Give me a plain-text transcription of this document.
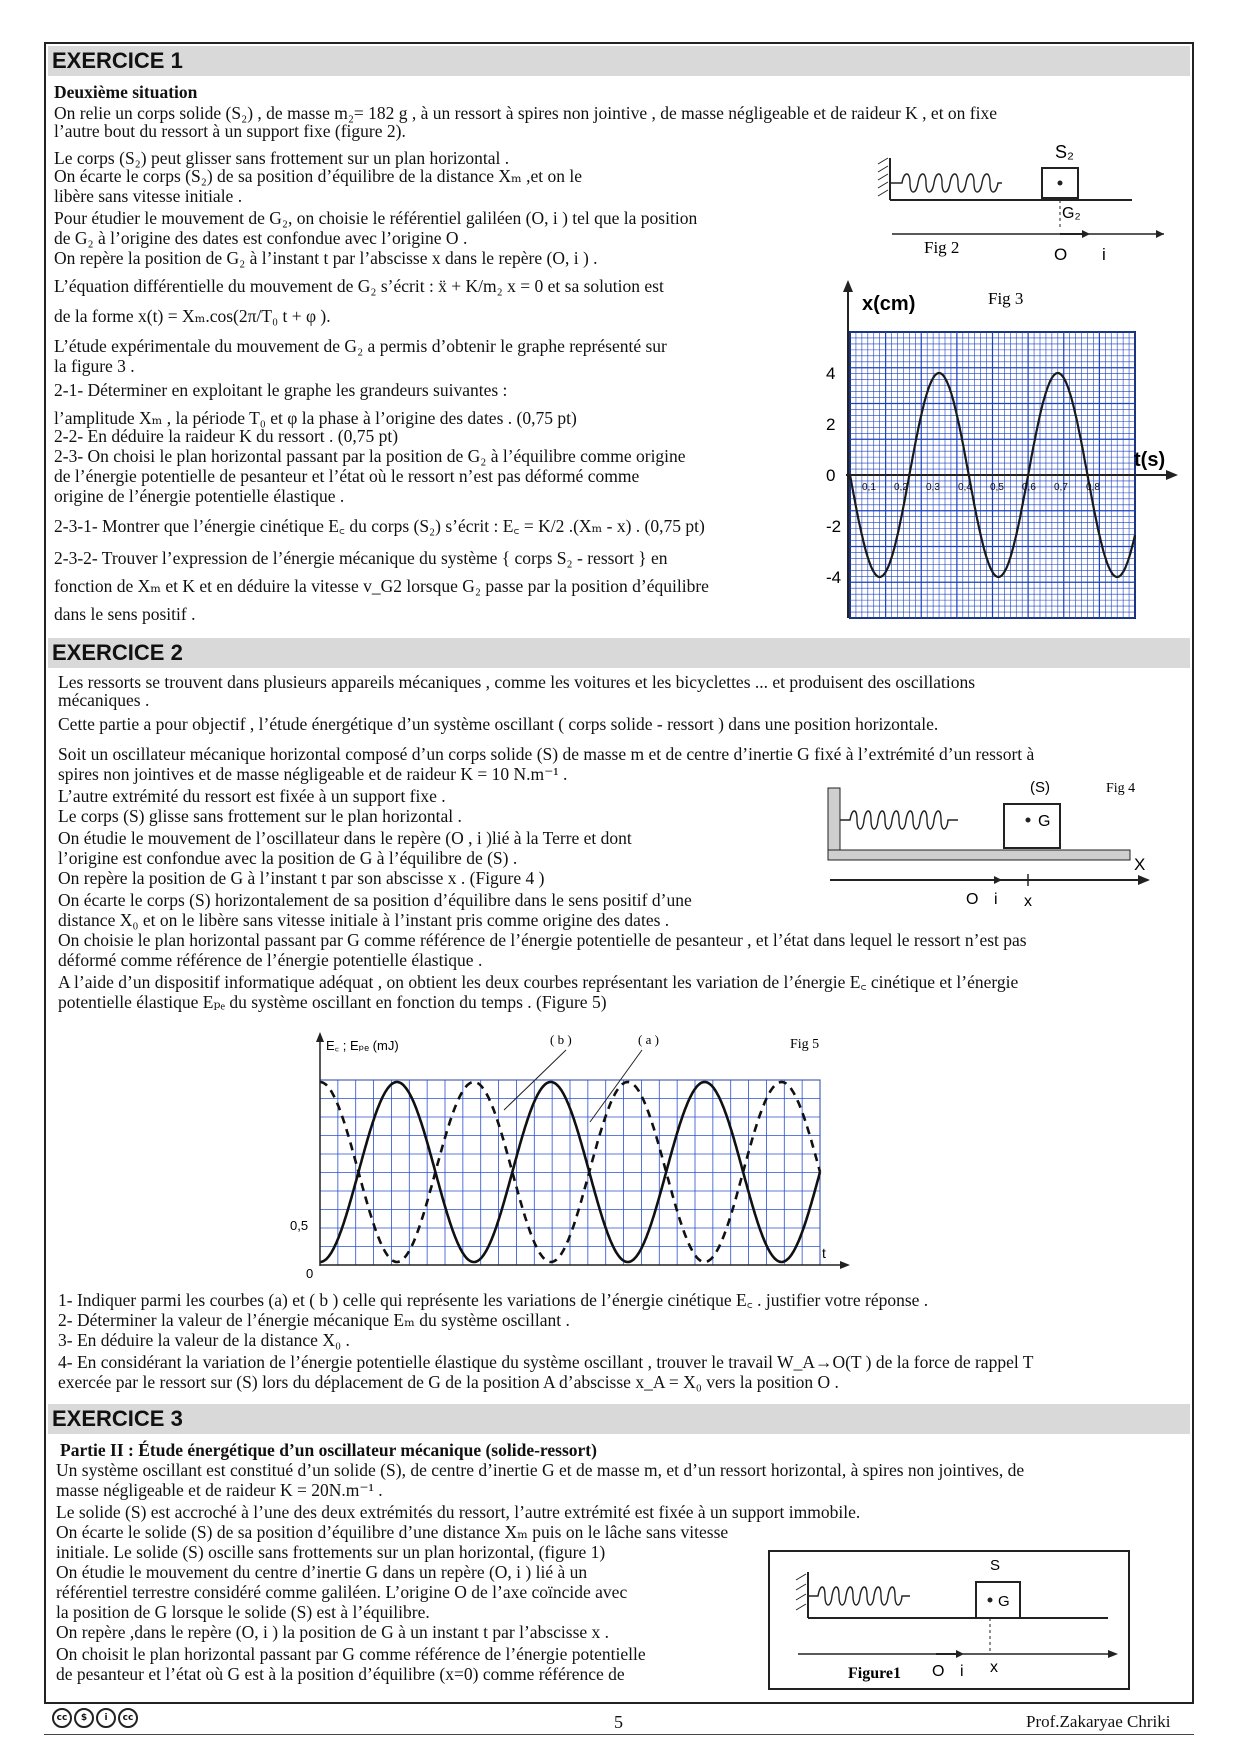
EXERCICE 1
Deuxième situation
On relie un corps solide (S₂) , de masse m₂= 182 g , à un ressort à spires non jointive , de masse négligeable et de raideur K , et on fixe
l’autre bout du ressort à un support fixe (figure 2).
Le corps (S₂) peut glisser sans frottement sur un plan horizontal .
On écarte le corps (S₂) de sa position d’équilibre de la distance Xₘ ,et on le
libère sans vitesse initiale .
Pour étudier le mouvement de G₂, on choisie le référentiel galiléen (O, i ) tel que la position
de G₂ à l’origine des dates est confondue avec l’origine O .
On repère la position de G₂ à l’instant t par l’abscisse x dans le repère (O, i ) .
L’équation différentielle du mouvement de G₂ s’écrit : ẍ + K/m₂ x = 0 et sa solution est
de la forme x(t) = Xₘ.cos(2π/T₀ t + φ ).
L’étude expérimentale du mouvement de G₂ a permis d’obtenir le graphe représenté sur
la figure 3 .
2-1- Déterminer en exploitant le graphe les grandeurs suivantes :
l’amplitude Xₘ , la période T₀ et φ la phase à l’origine des dates . (0,75 pt)
2-2- En déduire la raideur K du ressort . (0,75 pt)
2-3- On choisi le plan horizontal passant par la position de G₂ à l’équilibre comme origine
de l’énergie potentielle de pesanteur et l’état où le ressort n’est pas déformé comme
origine de l’énergie potentielle élastique .
2-3-1- Montrer que l’énergie cinétique E꜀ du corps (S₂) s’écrit : E꜀ = K/2 .(Xₘ - x) . (0,75 pt)
2-3-2- Trouver l’expression de l’énergie mécanique du système { corps S₂ - ressort } en
fonction de Xₘ et K et en déduire la vitesse v_G2 lorsque G₂ passe par la position d’équilibre
dans le sens positif .
S₂
G₂
Fig 2	O i
x(cm)
t(s)
Fig 3
4
2
0
-2
-4
0,1 0,2 0,3 0,4 0,5 0,6 0,7 0,8
EXERCICE 2
Les ressorts se trouvent dans plusieurs appareils mécaniques , comme les voitures et les bicyclettes ... et produisent des oscillations
mécaniques .
Cette partie a pour objectif , l’étude énergétique d’un système oscillant ( corps solide - ressort ) dans une position horizontale.
Soit un oscillateur mécanique horizontal composé d’un corps solide (S) de masse m et de centre d’inertie G fixé à l’extrémité d’un ressort à
spires non jointives et de masse négligeable et de raideur K = 10 N.m⁻¹ .
L’autre extrémité du ressort est fixée à un support fixe .
Le corps (S) glisse sans frottement sur le plan horizontal .
On étudie le mouvement de l’oscillateur dans le repère (O , i )lié à la Terre et dont
l’origine est confondue avec la position de G à l’équilibre de (S) .
On repère la position de G à l’instant t par son abscisse x . (Figure 4 )
On écarte le corps (S) horizontalement de sa position d’équilibre dans le sens positif d’une
distance X₀ et on le libère sans vitesse initiale à l’instant pris comme origine des dates .
On choisie le plan horizontal passant par G comme référence de l’énergie potentielle de pesanteur , et l’état dans lequel le ressort n’est pas
déformé comme référence de l’énergie potentielle élastique .
A l’aide d’un dispositif informatique adéquat , on obtient les deux courbes représentant les variation de l’énergie E꜀ cinétique et l’énergie
potentielle élastique Eₚₑ du système oscillant en fonction du temps . (Figure 5)
G
(S)	Fig 4
X
O i x
E꜀ ; Eₚₑ (mJ)
t
0,5
0
Fig 5
( b )	( a )
1- Indiquer parmi les courbes (a) et ( b ) celle qui représente les variations de l’énergie cinétique E꜀ . justifier votre réponse .
2- Déterminer la valeur de l’énergie mécanique Eₘ du système oscillant .
3- En déduire la valeur de la distance X₀ .
4- En considérant la variation de l’énergie potentielle élastique du système oscillant , trouver le travail W_A→O(T ) de la force de rappel T
exercée par le ressort sur (S) lors du déplacement de G de la position A d’abscisse x_A = X₀ vers la position O .
EXERCICE 3
Partie II : Étude énergétique d’un oscillateur mécanique (solide-ressort)
Un système oscillant est constitué d’un solide (S), de centre d’inertie G et de masse m, et d’un ressort horizontal, à spires non jointives, de
masse négligeable et de raideur K = 20N.m⁻¹ .
Le solide (S) est accroché à l’une des deux extrémités du ressort, l’autre extrémité est fixée à un support immobile.
On écarte le solide (S) de sa position d’équilibre d’une distance Xₘ puis on le lâche sans vitesse
initiale. Le solide (S) oscille sans frottements sur un plan horizontal, (figure 1)
On étudie le mouvement du centre d’inertie G dans un repère (O, i ) lié à un
référentiel terrestre considéré comme galiléen. L’origine O de l’axe coïncide avec
la position de G lorsque le solide (S) est à l’équilibre.
On repère ,dans le repère (O, i ) la position de G à un instant t par l’abscisse x .
On choisit le plan horizontal passant par G comme référence de l’énergie potentielle
de pesanteur et l’état où G est à la position d’équilibre (x=0) comme référence de
G
S
Figure1 O i x
cc	$	i	cc	5	Prof.Zakaryae Chriki
